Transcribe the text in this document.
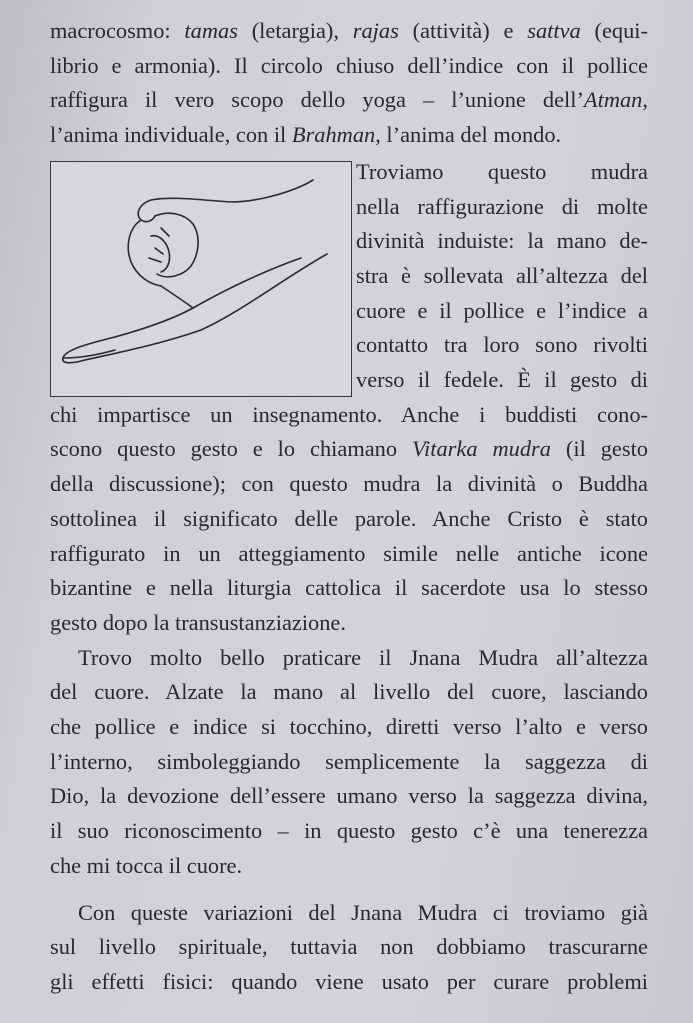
macrocosmo: tamas (letargia), rajas (attività) e sattva (equi-
librio e armonia). Il circolo chiuso dell’indice con il pollice
raffigura il vero scopo dello yoga – l’unione dell’Atman,
l’anima individuale, con il Brahman, l’anima del mondo.
Troviamo questo mudra
nella raffigurazione di molte
divinità induiste: la mano de-
stra è sollevata all’altezza del
cuore e il pollice e l’indice a
contatto tra loro sono rivolti
verso il fedele. È il gesto di
chi impartisce un insegnamento. Anche i buddisti cono-
scono questo gesto e lo chiamano Vitarka mudra (il gesto
della discussione); con questo mudra la divinità o Buddha
sottolinea il significato delle parole. Anche Cristo è stato
raffigurato in un atteggiamento simile nelle antiche icone
bizantine e nella liturgia cattolica il sacerdote usa lo stesso
gesto dopo la transustanziazione.
Trovo molto bello praticare il Jnana Mudra all’altezza
del cuore. Alzate la mano al livello del cuore, lasciando
che pollice e indice si tocchino, diretti verso l’alto e verso
l’interno, simboleggiando semplicemente la saggezza di
Dio, la devozione dell’essere umano verso la saggezza divina,
il suo riconoscimento – in questo gesto c’è una tenerezza
che mi tocca il cuore.
Con queste variazioni del Jnana Mudra ci troviamo già
sul livello spirituale, tuttavia non dobbiamo trascurarne
gli effetti fisici: quando viene usato per curare problemi
